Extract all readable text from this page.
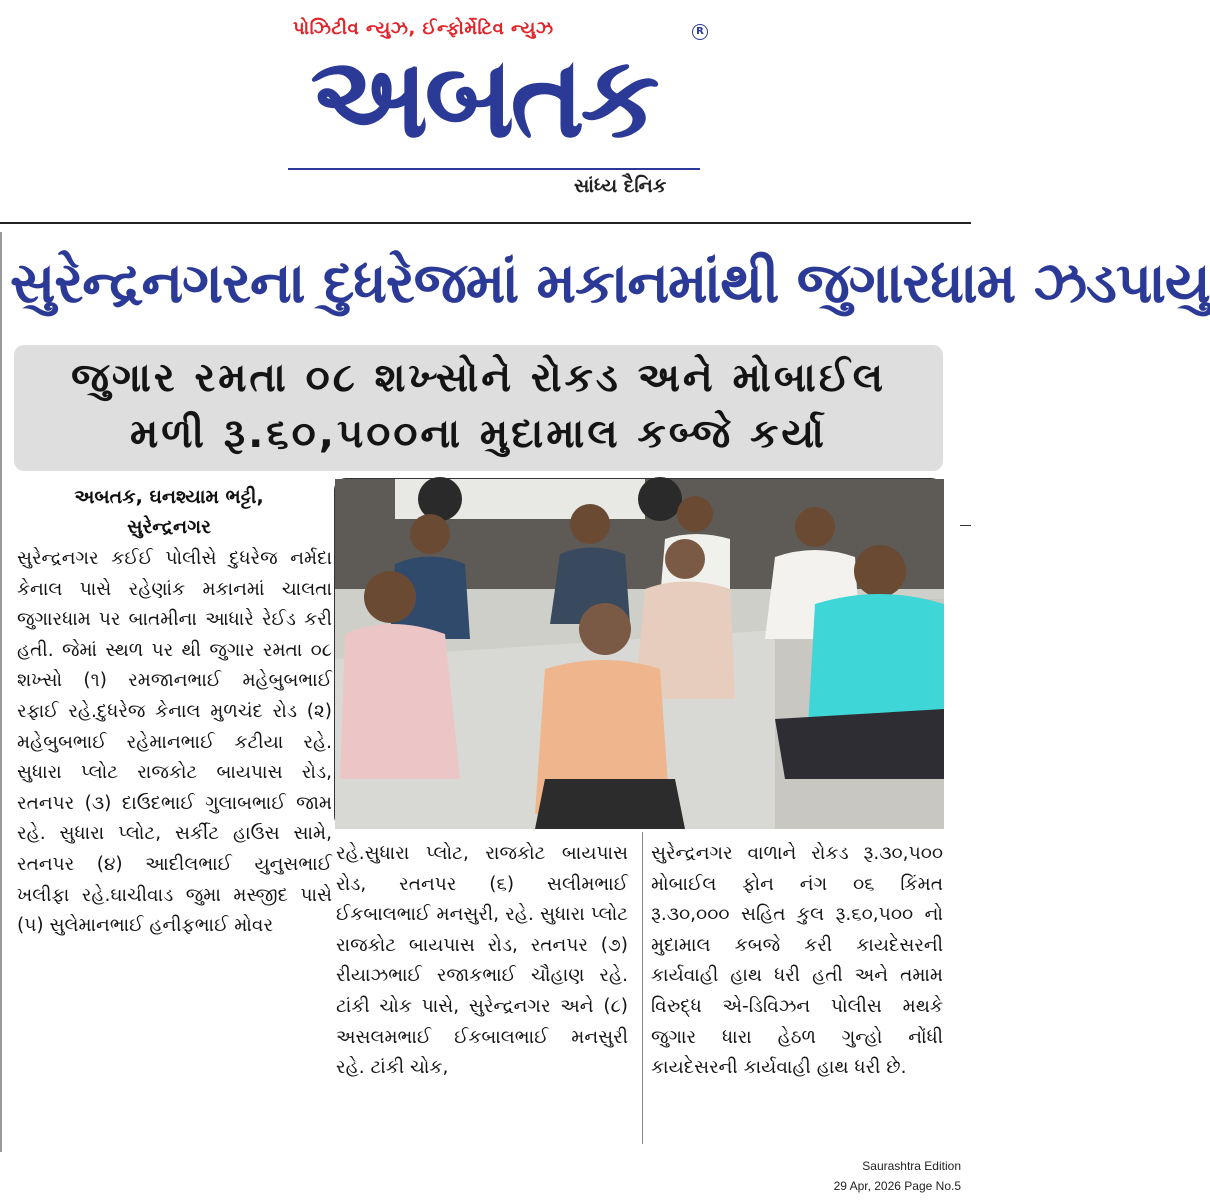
પોઝિટીવ ન્યુઝ, ઈન્ફોર્મેટિવ ન્યુઝ	R
અબતક
સાંધ્ય દૈનિક
સુરેન્દ્રનગરના દુધરેજમાં મકાનમાંથી જુગારધામ ઝડપાયુ
જુગાર રમતા ૦૮ શખ્સોને રોકડ અને મોબાઈલ
મળી રૂ.૬૦,૫૦૦ના મુદામાલ કબ્જે કર્યા
અબતક, ઘનશ્યામ ભટ્ટી,
સુરેન્દ્રનગર
સુરેન્દ્રનગર કઈઈ પોલીસે દુધરેજ નર્મદા કેનાલ પાસે રહેણાંક મકાનમાં ચાલતા જુગારધામ પર બાતમીના આધારે રેઈડ કરી હતી. જેમાં સ્થળ પર થી જુગાર રમતા ૦૮ શખ્સો (૧) રમજાનભાઈ મહેબુબભાઈ રફાઈ રહે.દુધરેજ કેનાલ મુળચંદ રોડ (૨) મહેબુબભાઈ રહેમાનભાઈ કટીયા રહે. સુધારા પ્લોટ રાજકોટ બાયપાસ રોડ, રતનપર (૩) દાઉદભાઈ ગુલાબભાઈ જામ રહે. સુધારા પ્લોટ, સર્કીટ હાઉસ સામે, રતનપર (૪) આદીલભાઈ યુનુસભાઈ ખલીફા રહે.ઘાચીવાડ જુમા મસ્જીદ પાસે (૫) સુલેમાનભાઈ હનીફભાઈ મોવર
રહે.સુધારા પ્લોટ, રાજકોટ બાયપાસ રોડ, રતનપર (૬) સલીમભાઈ ઈકબાલભાઈ મનસુરી, રહે. સુધારા પ્લોટ રાજકોટ બાયપાસ રોડ, રતનપર (૭) રીયાઝભાઈ રજાકભાઈ ચૌહાણ રહે. ટાંકી ચોક પાસે, સુરેન્દ્રનગર અને (૮) અસલમભાઈ ઈકબાલભાઈ મનસુરી રહે. ટાંકી ચોક,
સુરેન્દ્રનગર વાળાને રોકડ રૂ.૩૦,૫૦૦ મોબાઈલ ફોન નંગ ૦૬ કિંમત રૂ.૩૦,૦૦૦ સહિત કુલ રૂ.૬૦,૫૦૦ નો મુદામાલ કબજે કરી કાયદેસરની કાર્યવાહી હાથ ધરી હતી અને તમામ વિરુદ્ધ એ-ડિવિઝન પોલીસ મથકે જુગાર ધારા હેઠળ ગુન્હો નોંધી કાયદેસરની કાર્યવાહી હાથ ધરી છે.
Saurashtra Edition
29 Apr, 2026 Page No.5
